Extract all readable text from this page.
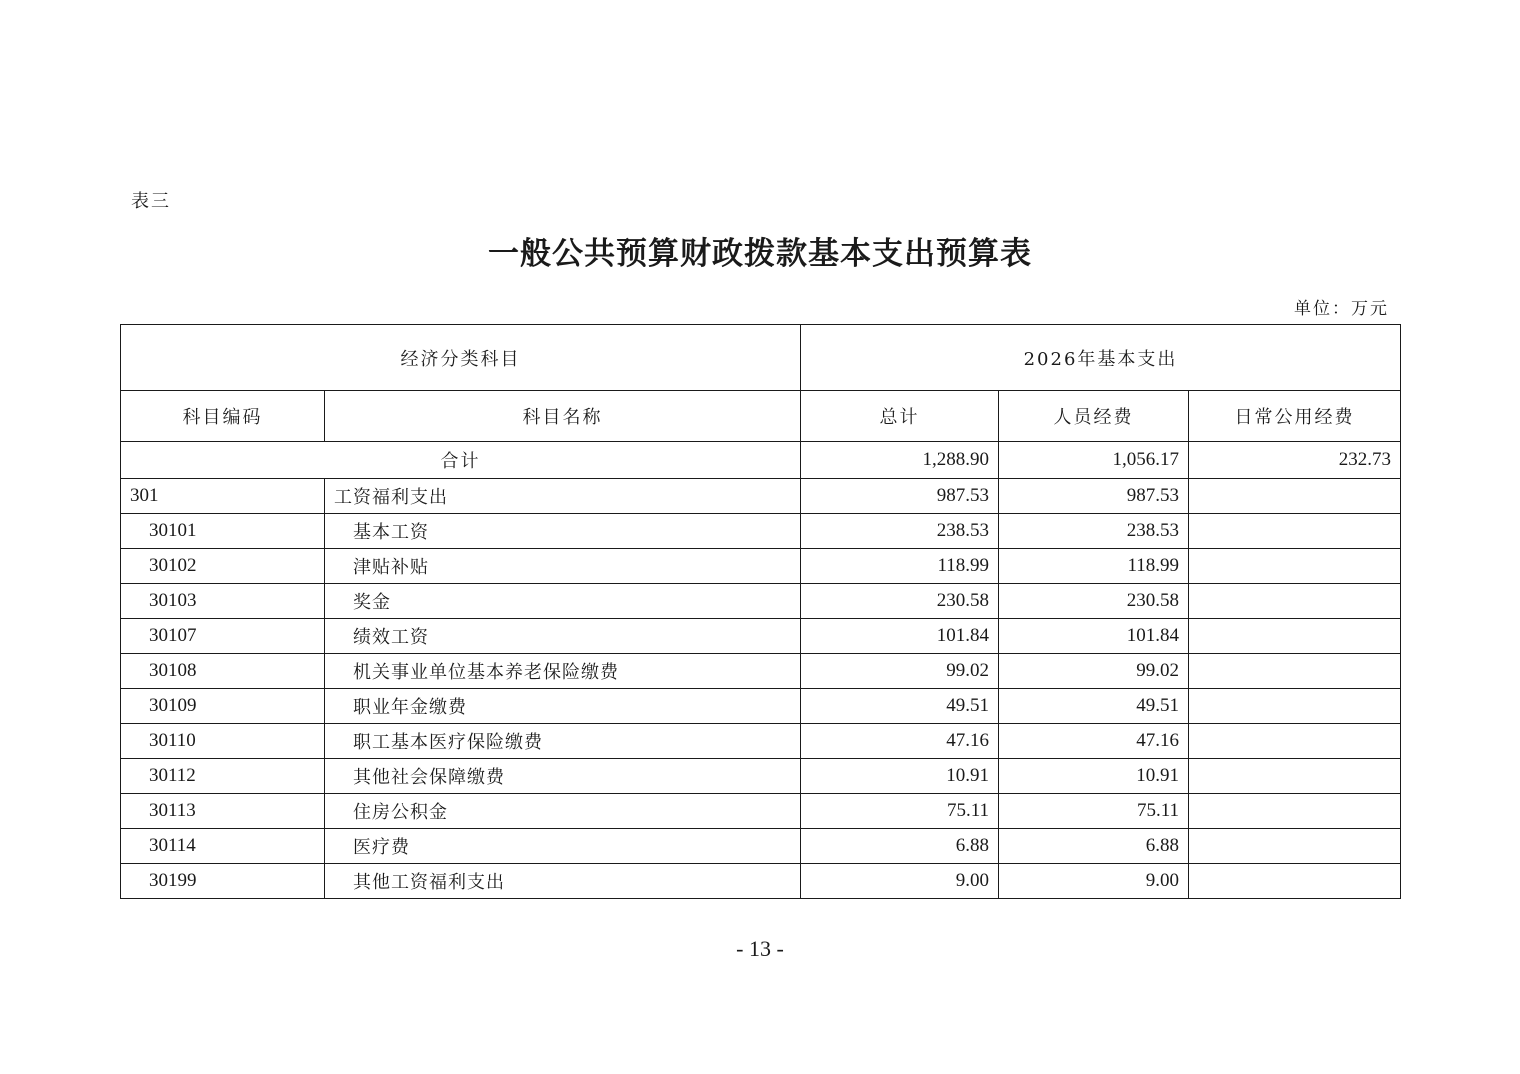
表三
一般公共预算财政拨款基本支出预算表
单位：万元
经济分类科目		2026年基本支出		
科目编码	科目名称	总计	人员经费	日常公用经费
合计		1,288.90	1,056.17	232.73
301	工资福利支出	987.53	987.53	
30101	基本工资	238.53	238.53	
30102	津贴补贴	118.99	118.99	
30103	奖金	230.58	230.58	
30107	绩效工资	101.84	101.84	
30108	机关事业单位基本养老保险缴费	99.02	99.02	
30109	职业年金缴费	49.51	49.51	
30110	职工基本医疗保险缴费	47.16	47.16	
30112	其他社会保障缴费	10.91	10.91	
30113	住房公积金	75.11	75.11	
30114	医疗费	6.88	6.88	
30199	其他工资福利支出	9.00	9.00	
- 13 -
